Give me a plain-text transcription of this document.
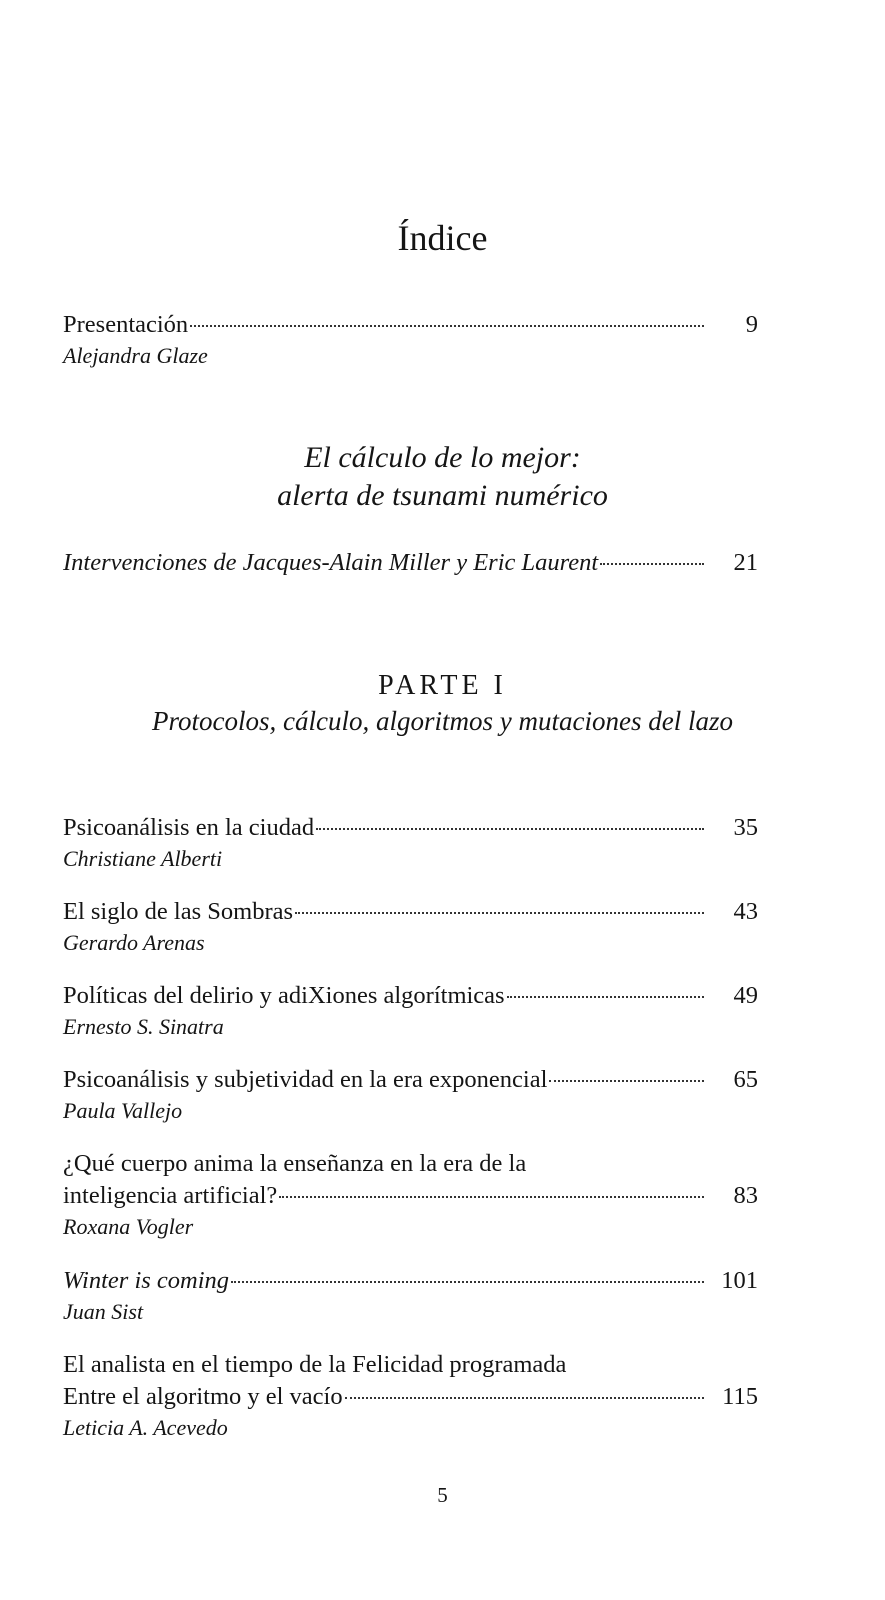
Índice
Presentación	9
Alejandra Glaze
El cálculo de lo mejor:
alerta de tsunami numérico
Intervenciones de Jacques-Alain Miller y Eric Laurent	21
PARTE I
Protocolos, cálculo, algoritmos y mutaciones del lazo
Psicoanálisis en la ciudad	35
Christiane Alberti
El siglo de las Sombras	43
Gerardo Arenas
Políticas del delirio y adiXiones algorítmicas	49
Ernesto S. Sinatra
Psicoanálisis y subjetividad en la era exponencial	65
Paula Vallejo
¿Qué cuerpo anima la enseñanza en la era de la
inteligencia artificial?	83
Roxana Vogler
Winter is coming	101
Juan Sist
El analista en el tiempo de la Felicidad programada
Entre el algoritmo y el vacío	115
Leticia A. Acevedo
5
